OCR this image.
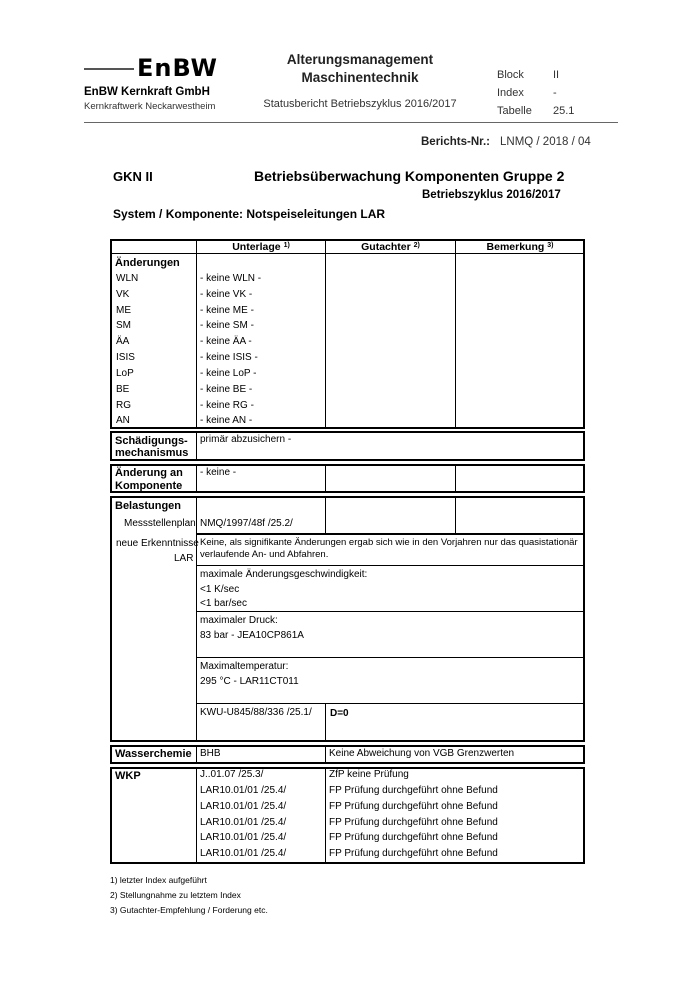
EnBW
EnBW Kernkraft GmbH
Kernkraftwerk Neckarwestheim
Alterungsmanagement
Maschinentechnik
Statusbericht Betriebszyklus 2016/2017
Block	II
Index	-
Tabelle 25.1
Berichts-Nr.: LNMQ / 2018 / 04
GKN II	Betriebsüberwachung Komponenten Gruppe 2
Betriebszyklus 2016/2017
System / Komponente: Notspeiseleitungen LAR
Unterlage $^{1)}$	Gutachter $^{2)}$	Bemerkung $^{3)}$
Änderungen
WLN	- keine WLN -
VK	- keine VK -
ME	- keine ME -
SM	- keine SM -
ÄA	- keine ÄA -
ISIS	- keine ISIS -
LoP	- keine LoP -
BE	- keine BE -
RG	- keine RG -
AN	- keine AN -
Schädigungs-
mechanismus
primär abzusichern -
Änderung an
Komponente
- keine -
Belastungen
Messstellenplan NMQ/1997/48f /25.2/
neue Erkenntnisse
LAR
Keine, als signifikante Änderungen ergab sich wie in den Vorjahren nur das quasistationär
verlaufende An- und Abfahren.
maximale Änderungsgeschwindigkeit:
<1 K/sec
<1 bar/sec
maximaler Druck:
83 bar - JEA10CP861A
Maximaltemperatur:
295 °C - LAR11CT011
KWU-U845/88/336 /25.1/ D=0
Wasserchemie BHB	Keine Abweichung von VGB Grenzwerten
WKP	J..01.07 /25.3/	ZfP keine Prüfung
LAR10.01/01 /25.4/	FP Prüfung durchgeführt ohne Befund
LAR10.01/01 /25.4/	FP Prüfung durchgeführt ohne Befund
LAR10.01/01 /25.4/	FP Prüfung durchgeführt ohne Befund
LAR10.01/01 /25.4/	FP Prüfung durchgeführt ohne Befund
LAR10.01/01 /25.4/	FP Prüfung durchgeführt ohne Befund
1) letzter Index aufgeführt
2) Stellungnahme zu letztem Index
3) Gutachter-Empfehlung / Forderung etc.
